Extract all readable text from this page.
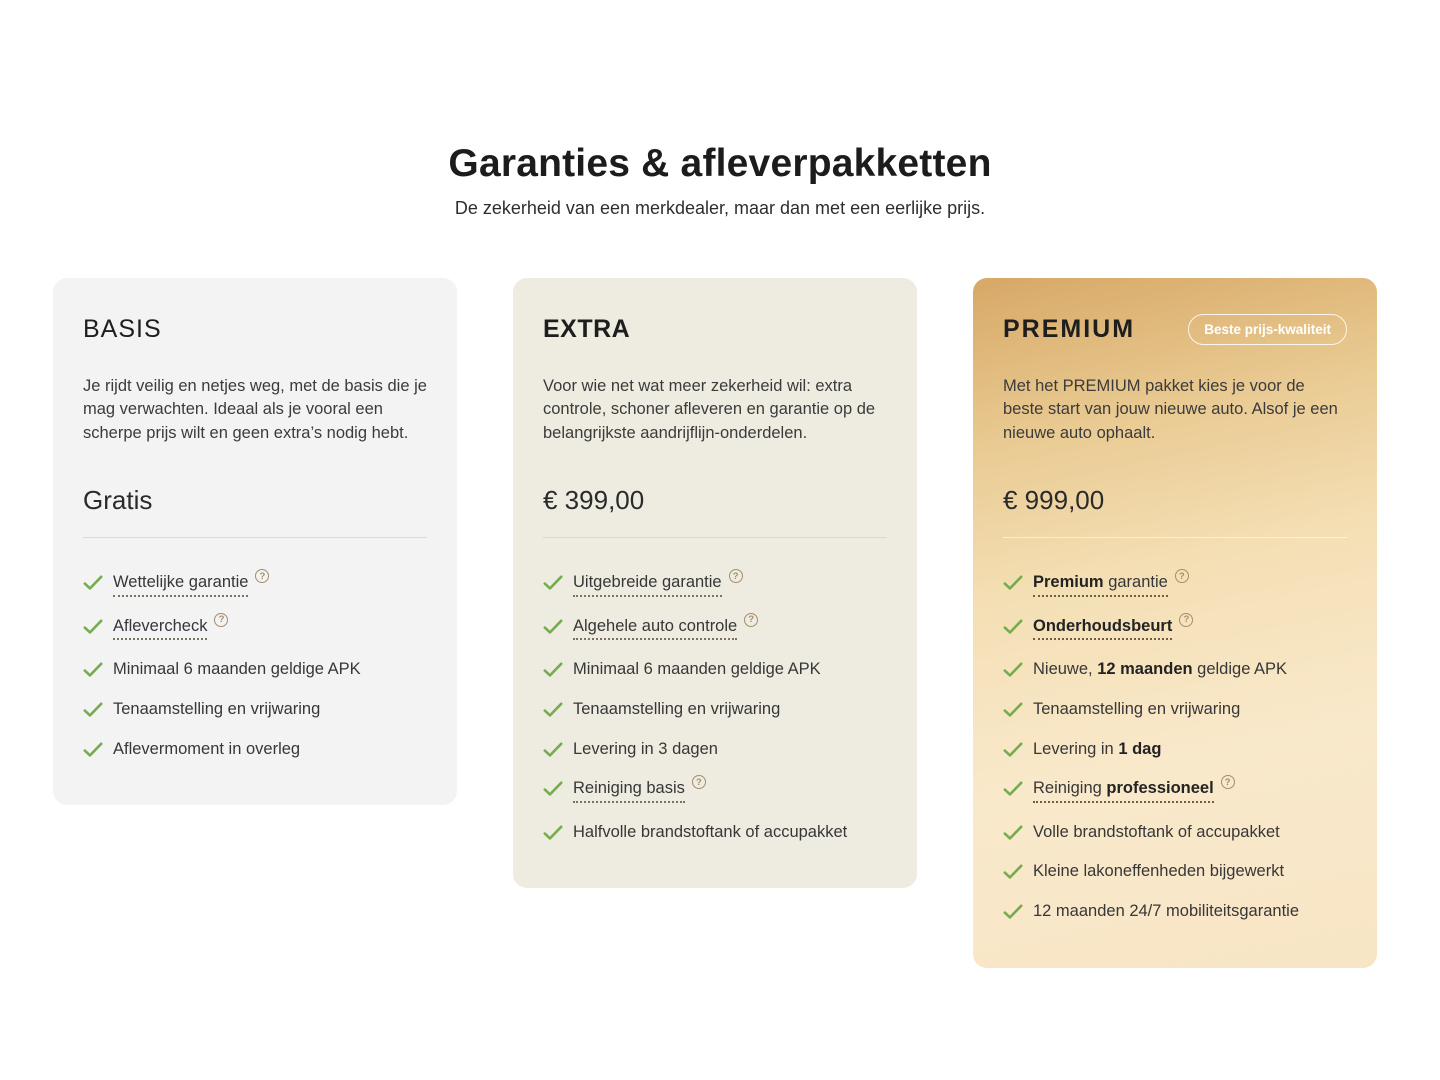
Garanties & afleverpakketten

De zekerheid van een merkdealer, maar dan met een eerlijke prijs.

BASIS

Je rijdt veilig en netjes weg, met de basis die je mag verwachten. Ideaal als je vooral een scherpe prijs wilt en geen extra’s nodig hebt.

Gratis
Wettelijke garantie	?
Aflevercheck	?
Minimaal 6 maanden geldige APK
Tenaamstelling en vrijwaring
Aflevermoment in overleg
EXTRA

Voor wie net wat meer zekerheid wil: extra controle, schoner afleveren en garantie op de belangrijkste aandrijflijn-onderdelen.

€ 399,00
Uitgebreide garantie	?
Algehele auto controle	?
Minimaal 6 maanden geldige APK
Tenaamstelling en vrijwaring
Levering in 3 dagen
Reiniging basis	?
Halfvolle brandstoftank of accupakket
PREMIUM	Beste prijs-kwaliteit

Met het PREMIUM pakket kies je voor de beste start van jouw nieuwe auto. Alsof je een nieuwe auto ophaalt.

€ 999,00
Premium garantie	?
Onderhoudsbeurt	?
Nieuwe, 12 maanden geldige APK
Tenaamstelling en vrijwaring
Levering in 1 dag
Reiniging professioneel	?
Volle brandstoftank of accupakket
Kleine lakoneffenheden bijgewerkt
12 maanden 24/7 mobiliteitsgarantie
